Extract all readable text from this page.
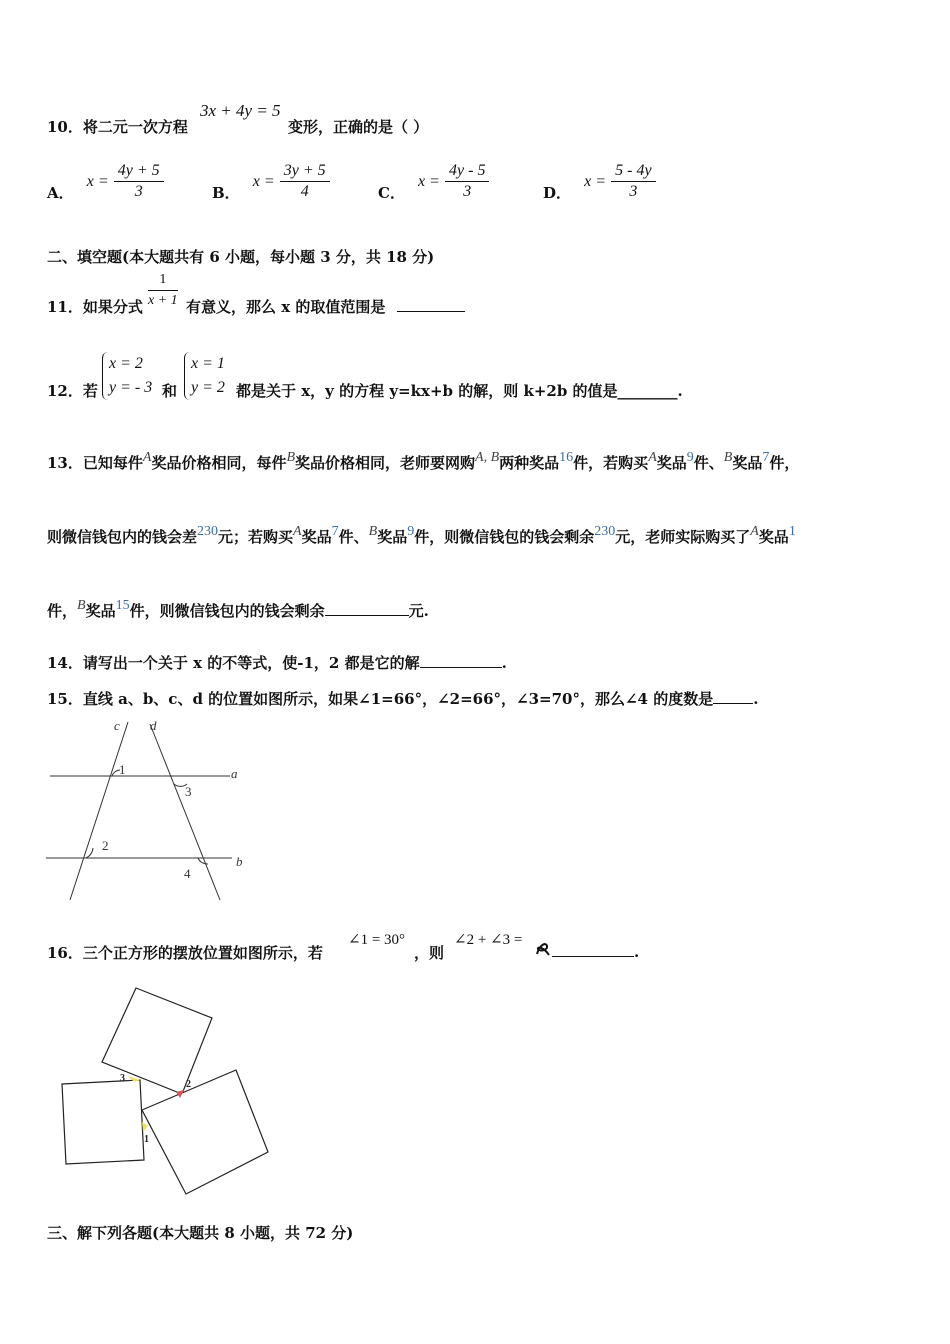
10．将二元一次方程
3x + 4y = 5
变形，正确的是（ ）
A． $x = \frac{4y + 5}{3}$	B． $x = \frac{3y + 5}{4}$	C． $x = \frac{4y - 5}{3}$	D． $x = \frac{5 - 4y}{3}$
二、填空题(本大题共有 6 小题，每小题 3 分，共 18 分)
11．如果分式 $\frac{1}{x + 1}$ 有意义，那么 x 的取值范围是
12．若
x = 2
y = - 3 和
x = 1
y = 2 都是关于 x，y 的方程 y=kx+b 的解，则 k+2b 的值是________.
13．已知每件A奖品价格相同，每件B奖品价格相同，老师要网购A, B两种奖品16件，若购买A奖品9件、B奖品7件，
则微信钱包内的钱会差230元；若购买A奖品7件、B奖品9件，则微信钱包的钱会剩余230元，老师实际购买了A奖品1
件，B奖品15件，则微信钱包内的钱会剩余	元.
14．请写出一个关于 x 的不等式，使-1，2 都是它的解	.
15．直线 a、b、c、d 的位置如图所示，如果∠1=66°，∠2=66°，∠3=70°，那么∠4 的度数是	.
c d
a
b
1
2
3
4
16．三个正方形的摆放位置如图所示，若
∠1 = 30°
，则
∠2 + ∠3 =
.
3
2
1
三、解下列各题(本大题共 8 小题，共 72 分)
